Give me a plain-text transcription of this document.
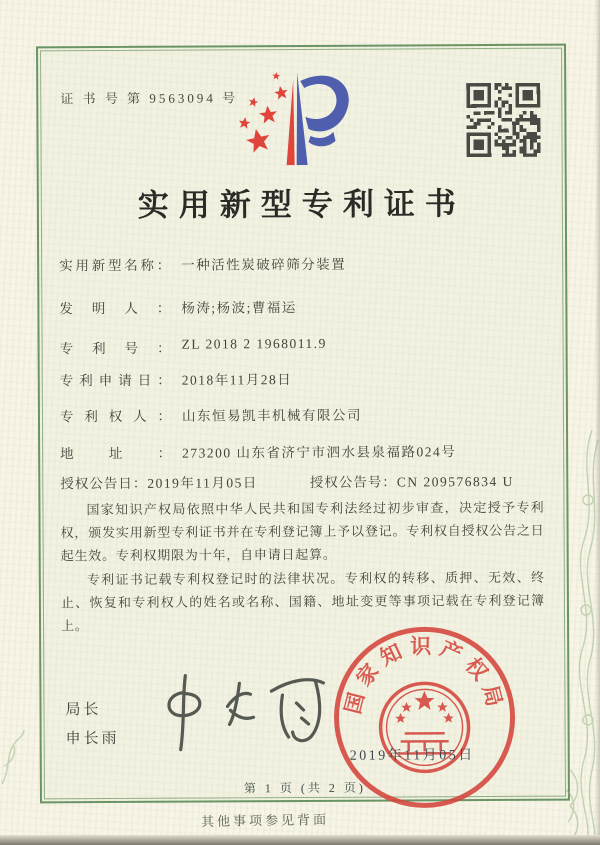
证 书 号 第 9563094 号
实用新型专利证书
实用新型名称： 一种活性炭破碎筛分装置
发明人： 杨涛;杨波;曹福运
专利号： ZL 2018 2 1968011.9
专利申请日： 2018年11月28日
专利权人： 山东恒易凯丰机械有限公司
地址： 273200 山东省济宁市泗水县泉福路024号
授权公告日：2019年11月05日	授权公告号：CN 209576834 U

国家知识产权局依照中华人民共和国专利法经过初步审查，决定授予专利权，颁发实用新型专利证书并在专利登记簿上予以登记。专利权自授权公告之日起生效。专利权期限为十年，自申请日起算。

专利证书记载专利权登记时的法律状况。专利权的转移、质押、无效、终止、恢复和专利权人的姓名或名称、国籍、地址变更等事项记载在专利登记簿上。

局长
申长雨
国家知识产权局
2019年11月05日
第 1 页 (共 2 页)
其他事项参见背面
